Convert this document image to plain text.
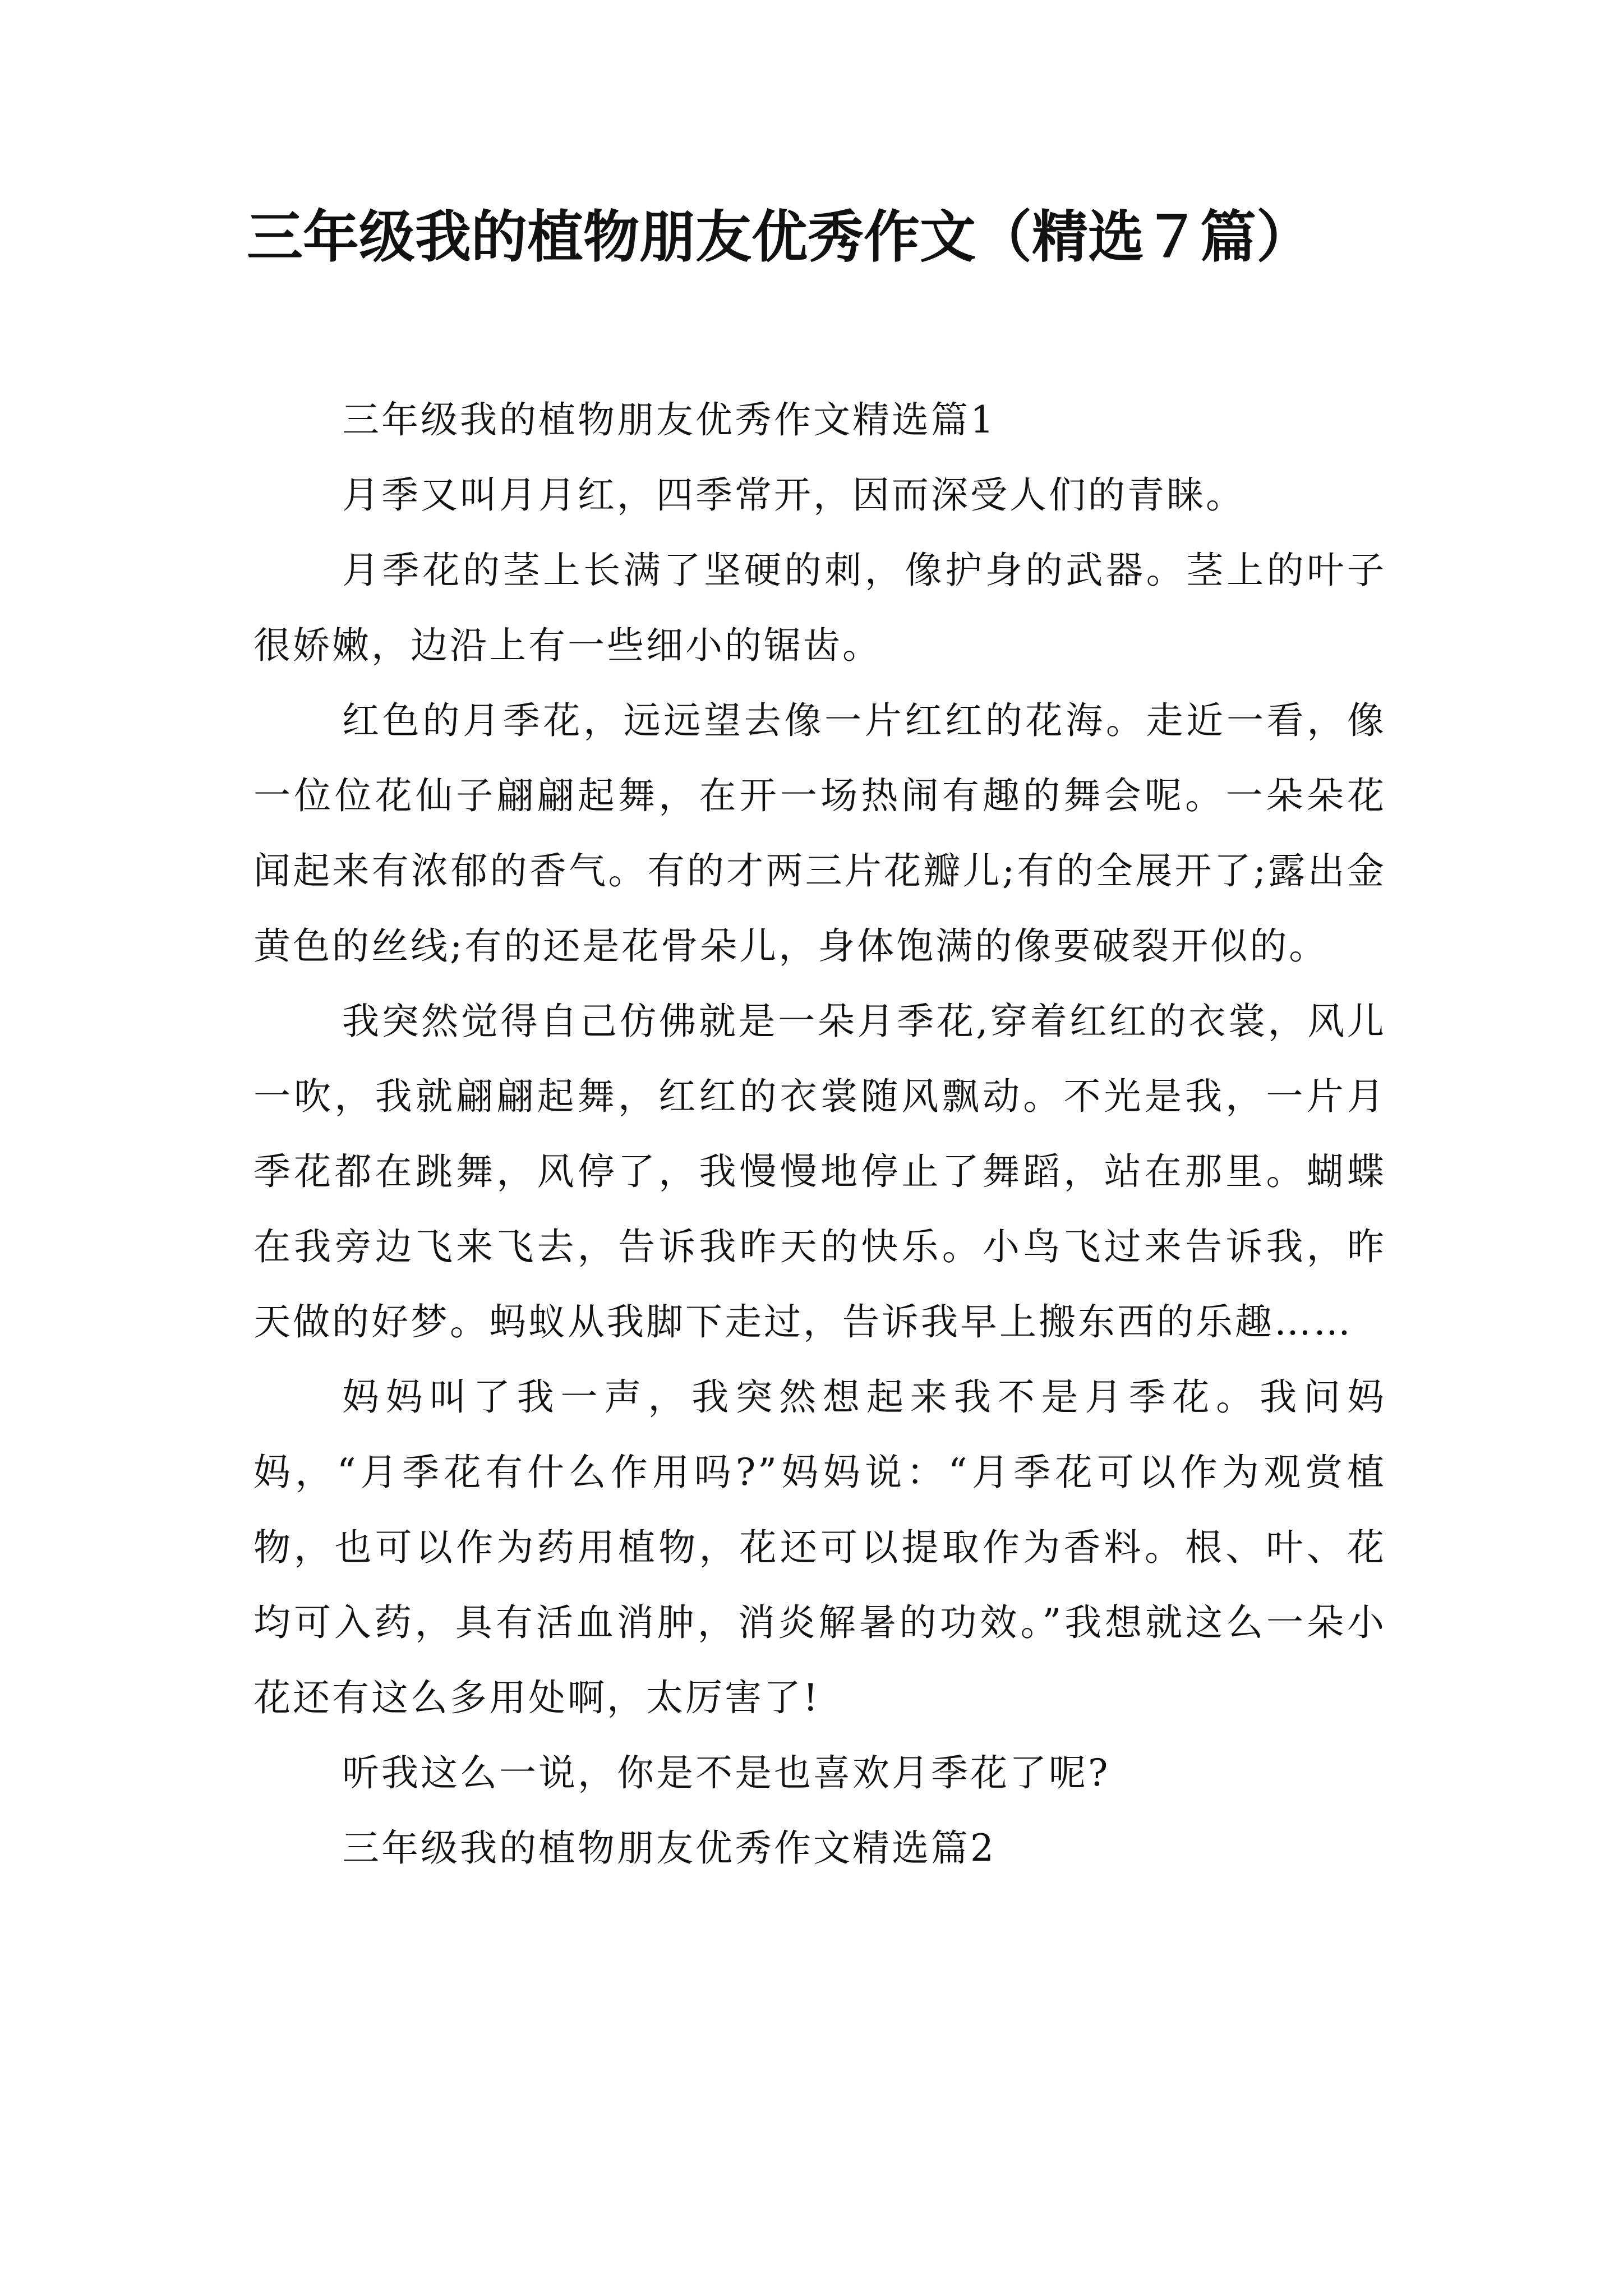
三年级我的植物朋友优秀作文（精选７篇）

三年级我的植物朋友优秀作文精选篇1

月季又叫月月红，四季常开，因而深受人们的青睐。

月季花的茎上长满了坚硬的刺，像护身的武器。茎上的叶子很娇嫩，边沿上有一些细小的锯齿。

红色的月季花，远远望去像一片红红的花海。走近一看，像一位位花仙子翩翩起舞，在开一场热闹有趣的舞会呢。一朵朵花闻起来有浓郁的香气。有的才两三片花瓣儿;有的全展开了;露出金黄色的丝线;有的还是花骨朵儿，身体饱满的像要破裂开似的。

我突然觉得自己仿佛就是一朵月季花,穿着红红的衣裳，风儿一吹，我就翩翩起舞，红红的衣裳随风飘动。不光是我，一片月季花都在跳舞，风停了，我慢慢地停止了舞蹈，站在那里。蝴蝶在我旁边飞来飞去，告诉我昨天的快乐。小鸟飞过来告诉我，昨天做的好梦。蚂蚁从我脚下走过，告诉我早上搬东西的乐趣……

妈妈叫了我一声，我突然想起来我不是月季花。我问妈妈，“月季花有什么作用吗?”妈妈说：“月季花可以作为观赏植物，也可以作为药用植物，花还可以提取作为香料。根、叶、花均可入药，具有活血消肿，消炎解暑的功效。”我想就这么一朵小花还有这么多用处啊，太厉害了!

听我这么一说，你是不是也喜欢月季花了呢?

三年级我的植物朋友优秀作文精选篇2
